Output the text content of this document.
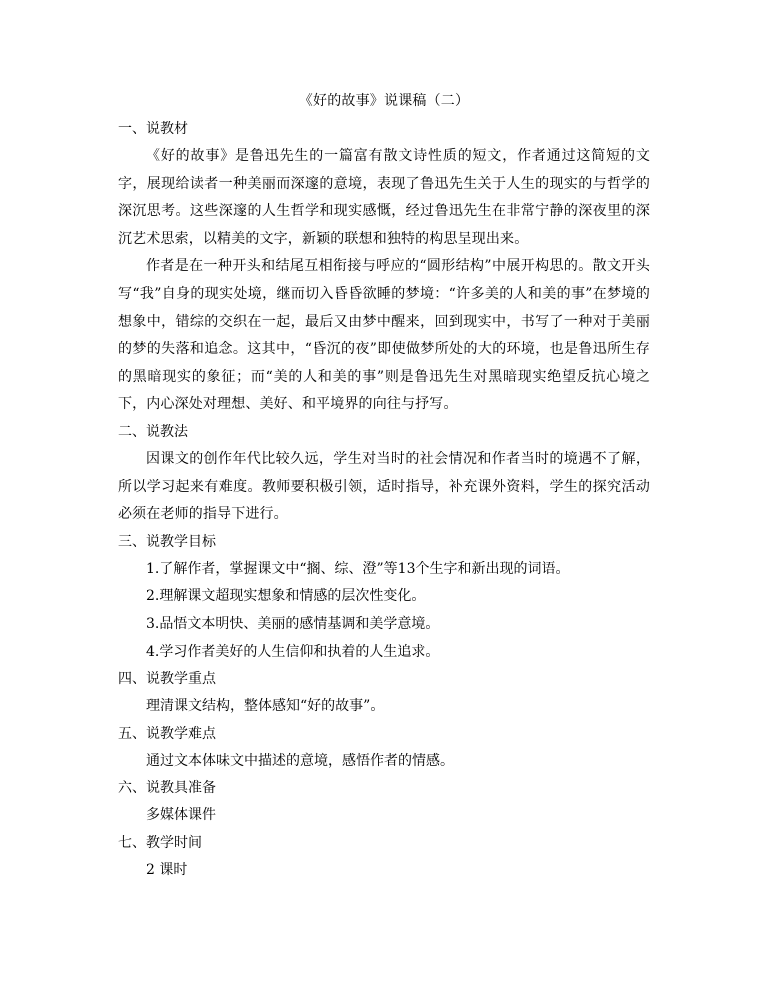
《好的故事》说课稿（二）

一、说教材

《好的故事》是鲁迅先生的一篇富有散文诗性质的短文，作者通过这简短的文字，展现给读者一种美丽而深邃的意境，表现了鲁迅先生关于人生的现实的与哲学的深沉思考。这些深邃的人生哲学和现实感慨，经过鲁迅先生在非常宁静的深夜里的深沉艺术思索，以精美的文字，新颖的联想和独特的构思呈现出来。

作者是在一种开头和结尾互相衔接与呼应的“圆形结构”中展开构思的。散文开头写“我”自身的现实处境，继而切入昏昏欲睡的梦境：“许多美的人和美的事”在梦境的想象中，错综的交织在一起，最后又由梦中醒来，回到现实中，书写了一种对于美丽的梦的失落和追念。这其中，“昏沉的夜”即使做梦所处的大的环境，也是鲁迅所生存的黑暗现实的象征；而“美的人和美的事”则是鲁迅先生对黑暗现实绝望反抗心境之下，内心深处对理想、美好、和平境界的向往与抒写。

二、说教法

因课文的创作年代比较久远，学生对当时的社会情况和作者当时的境遇不了解，所以学习起来有难度。教师要积极引领，适时指导，补充课外资料，学生的探究活动必须在老师的指导下进行。

三、说教学目标

1.了解作者，掌握课文中“搁、综、澄”等13个生字和新出现的词语。

2.理解课文超现实想象和情感的层次性变化。

3.品悟文本明快、美丽的感情基调和美学意境。

4.学习作者美好的人生信仰和执着的人生追求。

四、说教学重点

理清课文结构，整体感知“好的故事”。

五、说教学难点

通过文本体味文中描述的意境，感悟作者的情感。

六、说教具准备

多媒体课件

七、教学时间

2 课时
